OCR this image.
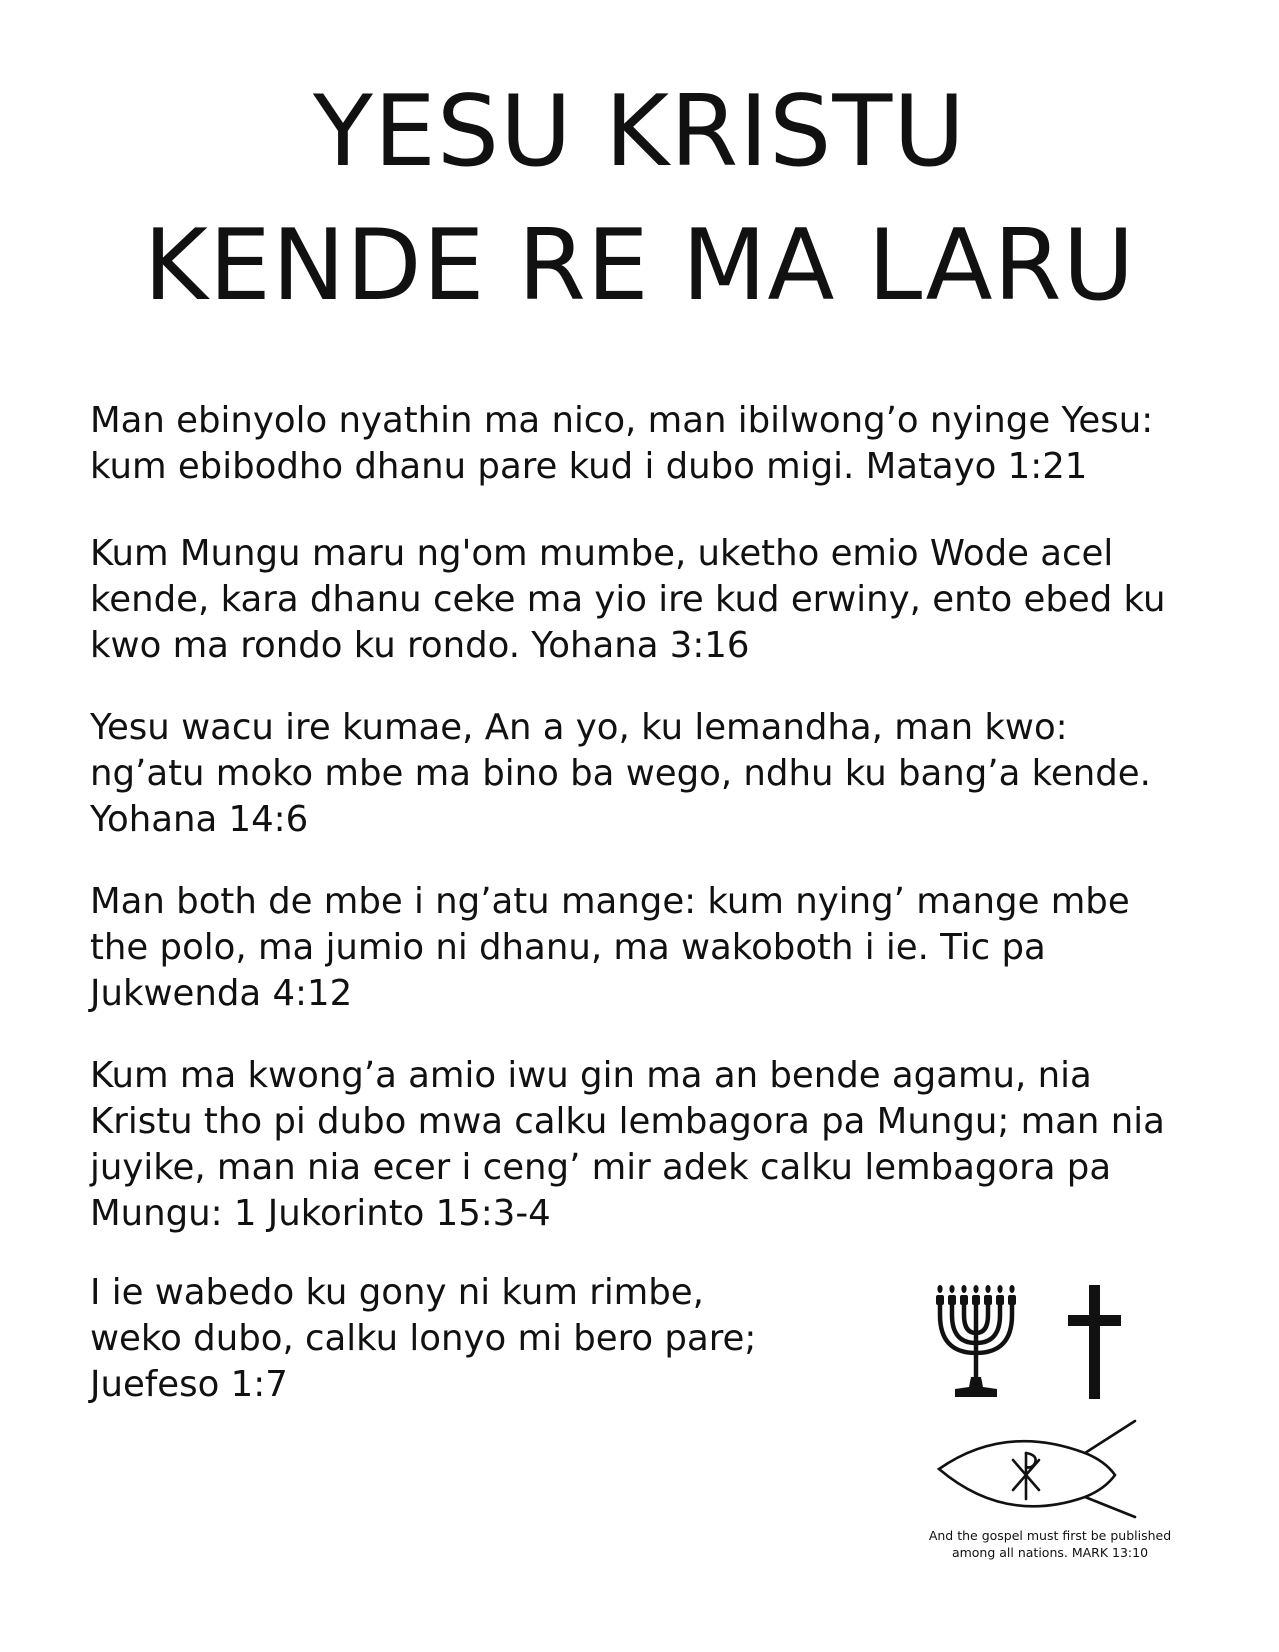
YESU KRISTU
KENDE RE MA LARU

Man ebinyolo nyathin ma nico, man ibilwong’o nyinge Yesu:
kum ebibodho dhanu pare kud i dubo migi. Matayo 1:21

Kum Mungu maru ng'om mumbe, uketho emio Wode acel
kende, kara dhanu ceke ma yio ire kud erwiny, ento ebed ku
kwo ma rondo ku rondo. Yohana 3:16

Yesu wacu ire kumae, An a yo, ku lemandha, man kwo:
ng’atu moko mbe ma bino ba wego, ndhu ku bang’a kende.
Yohana 14:6

Man both de mbe i ng’atu mange: kum nying’ mange mbe
the polo, ma jumio ni dhanu, ma wakoboth i ie. Tic pa
Jukwenda 4:12

Kum ma kwong’a amio iwu gin ma an bende agamu, nia
Kristu tho pi dubo mwa calku lembagora pa Mungu; man nia
juyike, man nia ecer i ceng’ mir adek calku lembagora pa
Mungu: 1 Jukorinto 15:3-4

I ie wabedo ku gony ni kum rimbe,
weko dubo, calku lonyo mi bero pare;
Juefeso 1:7

And the gospel must first be published
among all nations. MARK 13:10
